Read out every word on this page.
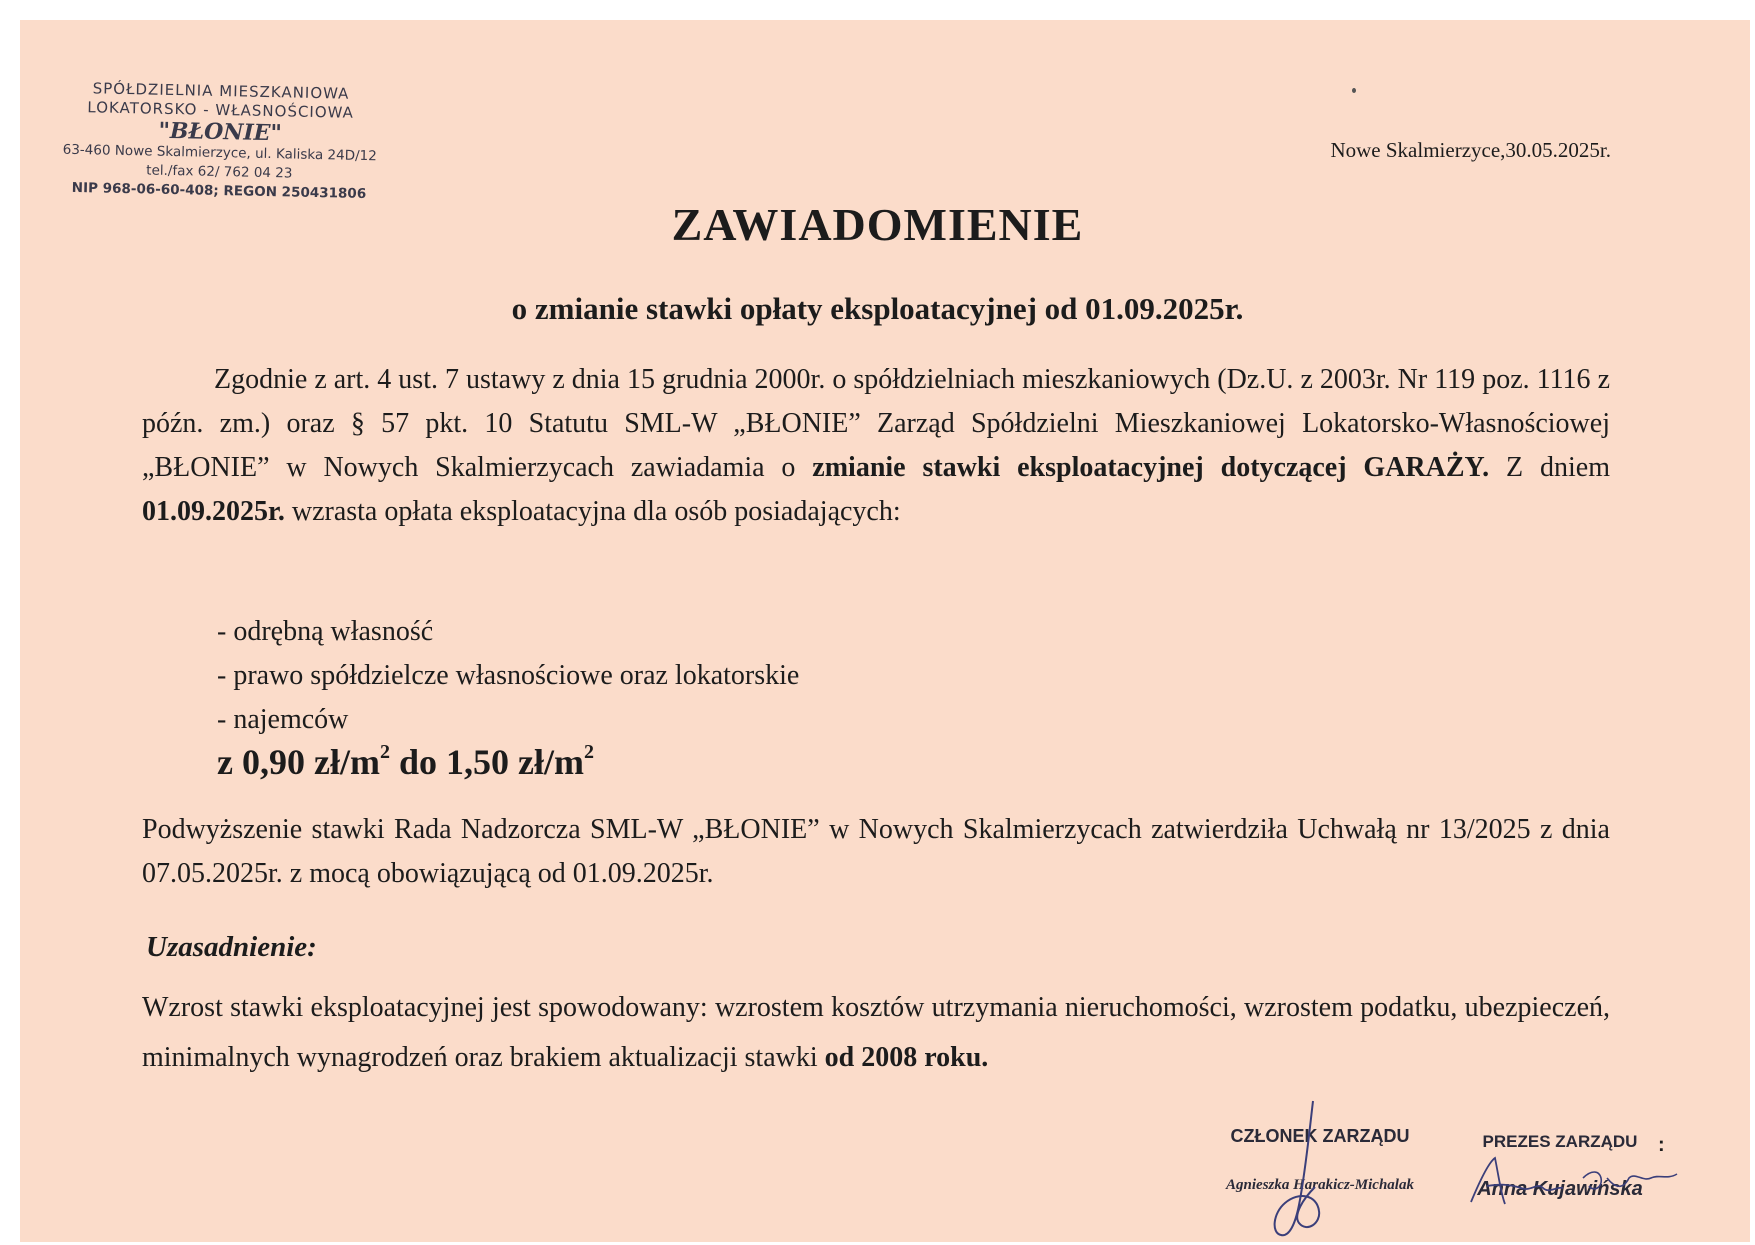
SPÓŁDZIELNIA MIESZKANIOWA
LOKATORSKO - WŁASNOŚCIOWA
"BŁONIE"
63-460 Nowe Skalmierzyce, ul. Kaliska 24D/12
tel./fax 62/ 762 04 23
NIP 968-06-60-408; REGON 250431806
Nowe Skalmierzyce,30.05.2025r.
ZAWIADOMIENIE
o zmianie stawki opłaty eksploatacyjnej od 01.09.2025r.

Zgodnie z art. 4 ust. 7 ustawy z dnia 15 grudnia 2000r. o spółdzielniach mieszkaniowych (Dz.U. z 2003r. Nr 119 poz. 1116 z późn. zm.) oraz § 57 pkt. 10 Statutu SML-W „BŁONIE” Zarząd Spółdzielni Mieszkaniowej Lokatorsko-Własnościowej „BŁONIE” w Nowych Skalmierzycach zawiadamia o zmianie stawki eksploatacyjnej dotyczącej GARAŻY. Z dniem 01.09.2025r. wzrasta opłata eksploatacyjna dla osób posiadających:

- odrębną własność
- prawo spółdzielcze własnościowe oraz lokatorskie
- najemców
z 0,90 $zł/m^2$ do 1,50 $zł/m^2$

Podwyższenie stawki Rada Nadzorcza SML-W „BŁONIE” w Nowych Skalmierzycach zatwierdziła Uchwałą nr 13/2025 z dnia 07.05.2025r. z mocą obowiązującą od 01.09.2025r.

Uzasadnienie:

Wzrost stawki eksploatacyjnej jest spowodowany: wzrostem kosztów utrzymania nieruchomości, wzrostem podatku, ubezpieczeń, minimalnych wynagrodzeń oraz brakiem aktualizacji stawki od 2008 roku.

CZŁONEK ZARZĄDU
Agnieszka Harakicz-Michalak
PREZES ZARZĄDU
Anna Kujawińska
:
